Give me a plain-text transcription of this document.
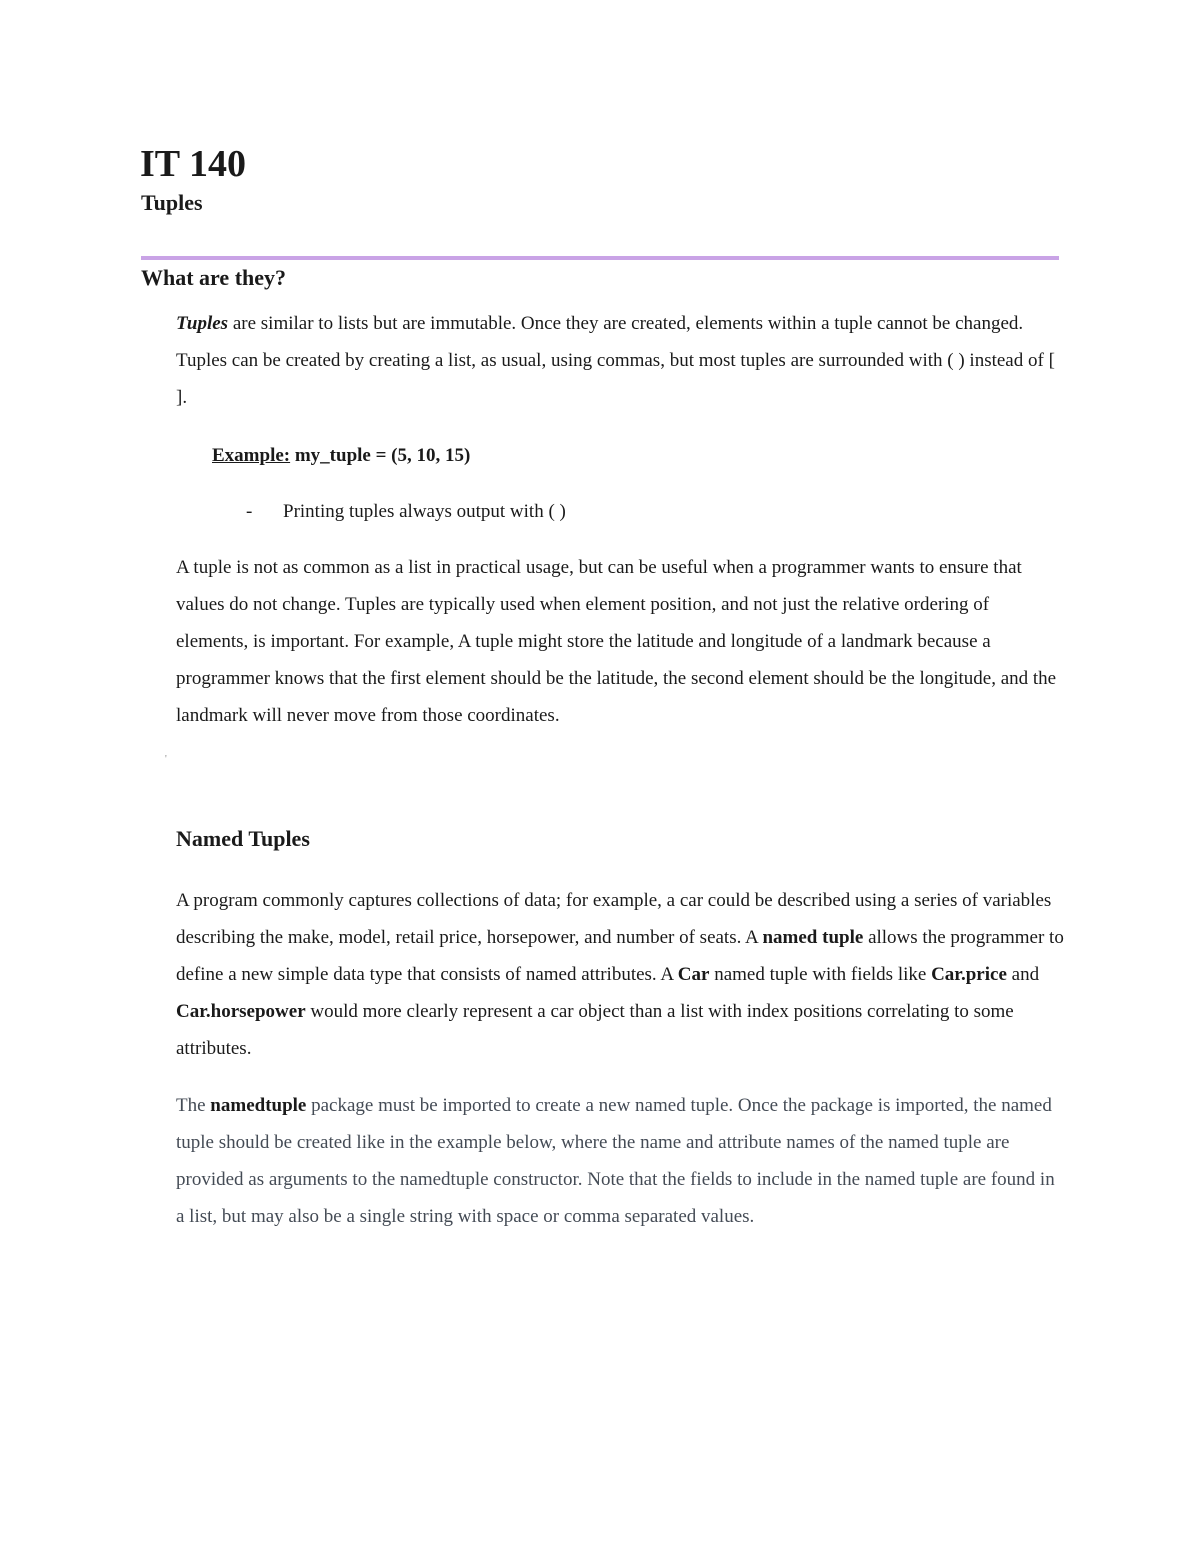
IT 140
Tuples
What are they?

Tuples are similar to lists but are immutable. Once they are created, elements within a tuple cannot be changed. Tuples can be created by creating a list, as usual, using commas, but most tuples are surrounded with ( ) instead of [ ].

Example: my_tuple = (5, 10, 15)

- Printing tuples always output with ( )

A tuple is not as common as a list in practical usage, but can be useful when a programmer wants to ensure that values do not change. Tuples are typically used when element position, and not just the relative ordering of elements, is important. For example, A tuple might store the latitude and longitude of a landmark because a programmer knows that the first element should be the latitude, the second element should be the longitude, and the landmark will never move from those coordinates.

'
Named Tuples

A program commonly captures collections of data; for example, a car could be described using a series of variables describing the make, model, retail price, horsepower, and number of seats. A named tuple allows the programmer to define a new simple data type that consists of named attributes. A Car named tuple with fields like Car.price and Car.horsepower would more clearly represent a car object than a list with index positions correlating to some attributes.

The namedtuple package must be imported to create a new named tuple. Once the package is imported, the named tuple should be created like in the example below, where the name and attribute names of the named tuple are provided as arguments to the namedtuple constructor. Note that the fields to include in the named tuple are found in a list, but may also be a single string with space or comma separated values.
